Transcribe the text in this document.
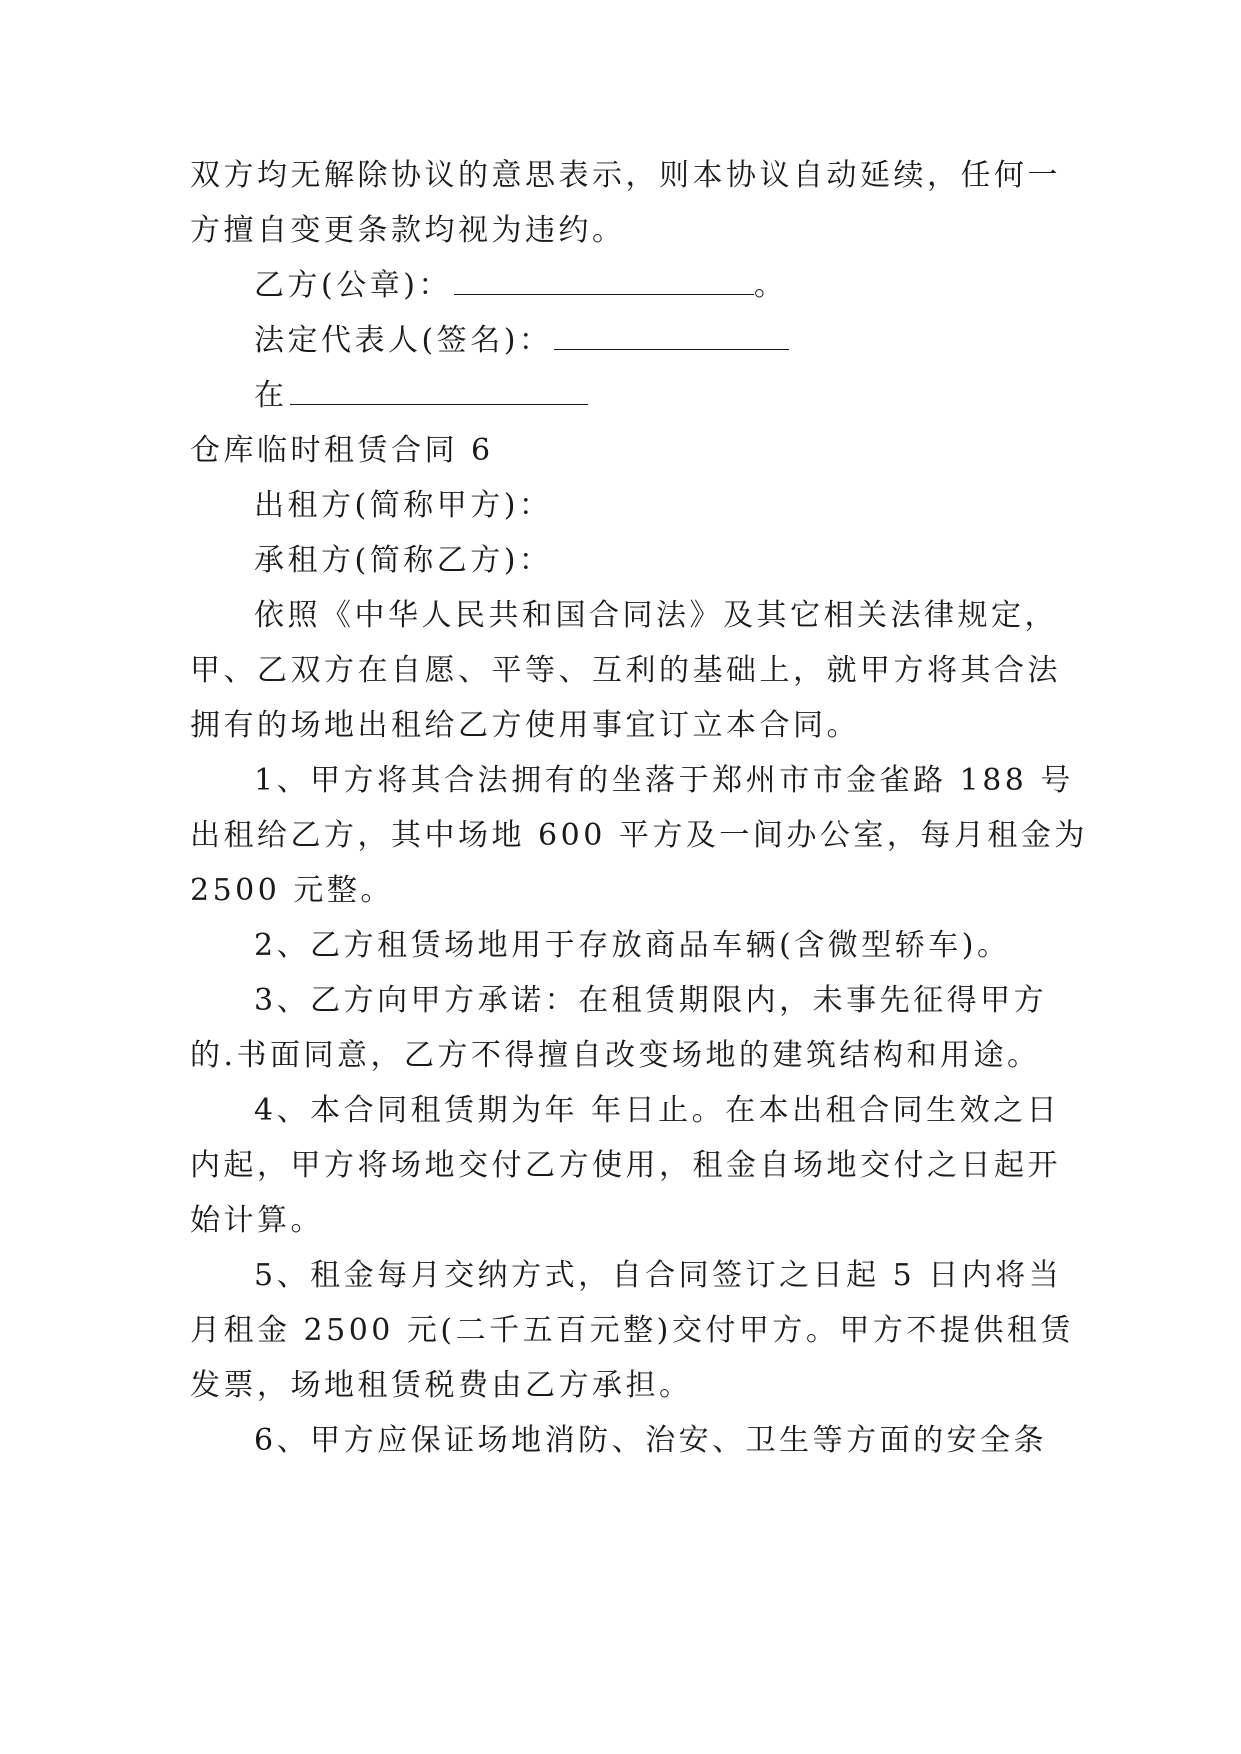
双方均无解除协议的意思表示，则本协议自动延续，任何一
方擅自变更条款均视为违约。
乙方(公章)：	。
法定代表人(签名)：
在
仓库临时租赁合同 6
出租方(简称甲方)：
承租方(简称乙方)：
依照《中华人民共和国合同法》及其它相关法律规定，
甲、乙双方在自愿、平等、互利的基础上，就甲方将其合法
拥有的场地出租给乙方使用事宜订立本合同。
1、甲方将其合法拥有的坐落于郑州市市金雀路 188 号
出租给乙方，其中场地 600 平方及一间办公室，每月租金为
2500 元整。
2、乙方租赁场地用于存放商品车辆(含微型轿车)。
3、乙方向甲方承诺：在租赁期限内，未事先征得甲方
的.书面同意，乙方不得擅自改变场地的建筑结构和用途。
4、本合同租赁期为年 年日止。在本出租合同生效之日
内起，甲方将场地交付乙方使用，租金自场地交付之日起开
始计算。
5、租金每月交纳方式，自合同签订之日起 5 日内将当
月租金 2500 元(二千五百元整)交付甲方。甲方不提供租赁
发票，场地租赁税费由乙方承担。
6、甲方应保证场地消防、治安、卫生等方面的安全条
